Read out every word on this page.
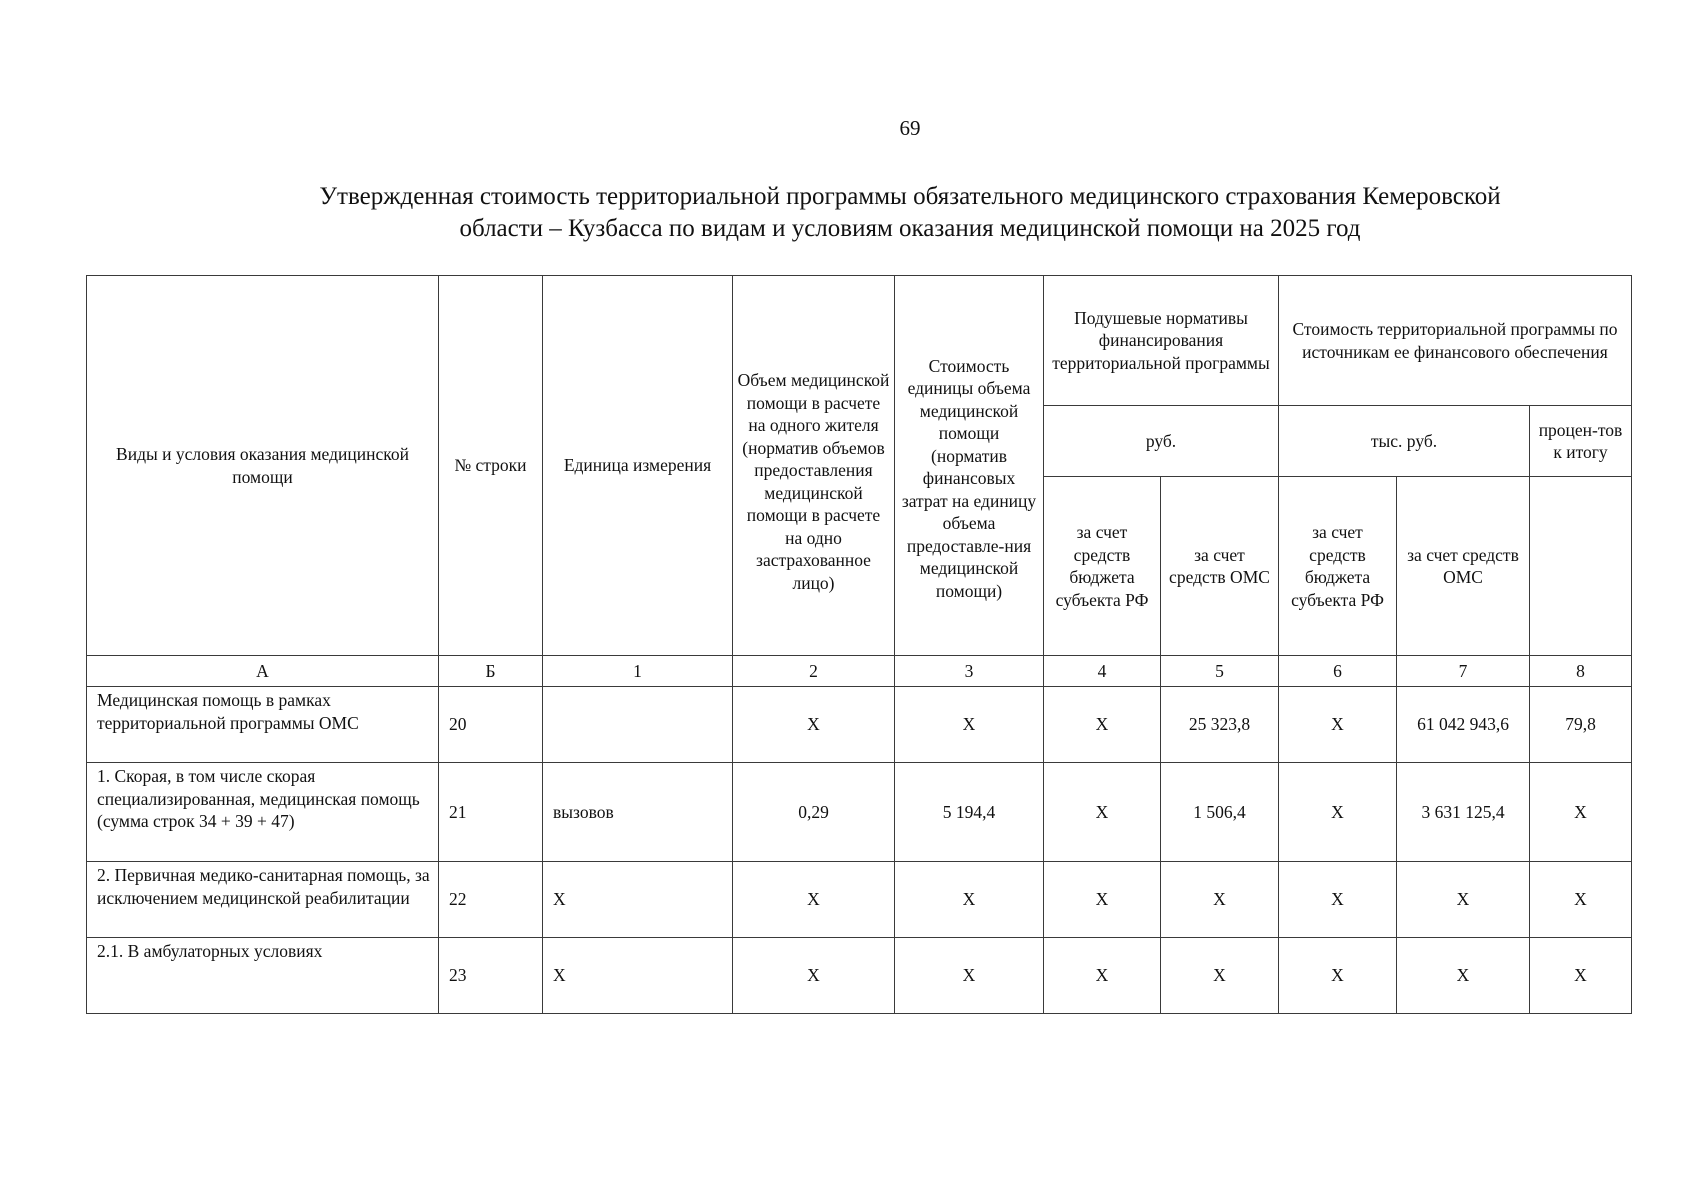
69
Утвержденная стоимость территориальной программы обязательного медицинского страхования Кемеровской
области – Кузбасса по видам и условиям оказания медицинской помощи на 2025 год
Виды и условия оказания медицинской помощи	№ строки	Единица измерения	Объем медицинской помощи в расчете на одного жителя (норматив объемов предоставления медицинской помощи в расчете на одно застрахованное лицо)	Стоимость единицы объема медицинской помощи (норматив финансовых затрат на единицу объема предоставле-ния медицинской помощи)	Подушевые нормативы финансирования территориальной программы		Стоимость территориальной программы по источникам ее финансового обеспечения		
					руб.		тыс. руб.		процен-тов к итогу
					за счет средств бюджета субъекта РФ	за счет средств ОМС	за счет средств бюджета субъекта РФ	за счет средств ОМС	
А	Б	1	2	3	4	5	6	7	8
Медицинская помощь в рамках территориальной программы ОМС	20		X	X	X	25 323,8	X	61 042 943,6	79,8
1. Скорая, в том числе скорая специализированная, медицинская помощь (сумма строк 34 + 39 + 47)	21	вызовов	0,29	5 194,4	X	1 506,4	X	3 631 125,4	X
2. Первичная медико-санитарная помощь, за исключением медицинской реабилитации	22	X	X	X	X	X	X	X	X
2.1. В амбулаторных условиях	23	X	X	X	X	X	X	X	X
